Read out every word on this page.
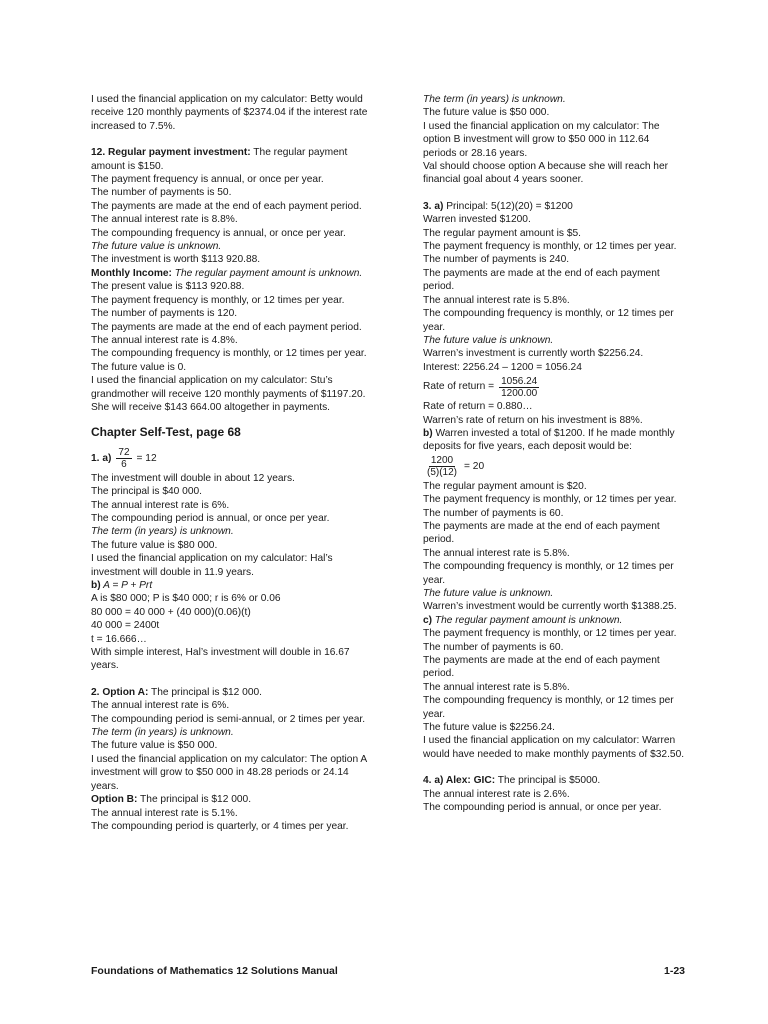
I used the financial application on my calculator: Betty would receive 120 monthly payments of $2374.04 if the interest rate increased to 7.5%.

12. Regular payment investment: The regular payment amount is $150.

The payment frequency is annual, or once per year.

The number of payments is 50.

The payments are made at the end of each payment period.

The annual interest rate is 8.8%.

The compounding frequency is annual, or once per year.

The future value is unknown.

The investment is worth $113 920.88.

Monthly Income: The regular payment amount is unknown.

The present value is $113 920.88.

The payment frequency is monthly, or 12 times per year.

The number of payments is 120.

The payments are made at the end of each payment period.

The annual interest rate is 4.8%.

The compounding frequency is monthly, or 12 times per year.

The future value is 0.

I used the financial application on my calculator: Stu’s grandmother will receive 120 monthly payments of $1197.20. She will receive $143 664.00 altogether in payments.

Chapter Self-Test, page 68
1. $a) \frac{72}{6} = 12$

The investment will double in about 12 years.

The principal is $40 000.

The annual interest rate is 6%.

The compounding period is annual, or once per year.

The term (in years) is unknown.

The future value is $80 000.

I used the financial application on my calculator: Hal’s investment will double in 11.9 years.

b) A = P + Prt

A is $80 000; P is $40 000; r is 6% or 0.06

80 000 = 40 000 + (40 000)(0.06)(t)

40 000 = 2400t

t = 16.666…

With simple interest, Hal’s investment will double in 16.67 years.

2. Option A: The principal is $12 000.

The annual interest rate is 6%.

The compounding period is semi-annual, or 2 times per year.

The term (in years) is unknown.

The future value is $50 000.

I used the financial application on my calculator: The option A investment will grow to $50 000 in 48.28 periods or 24.14 years.

Option B: The principal is $12 000.

The annual interest rate is 5.1%.

The compounding period is quarterly, or 4 times per year.

The term (in years) is unknown.

The future value is $50 000.

I used the financial application on my calculator: The option B investment will grow to $50 000 in 112.64 periods or 28.16 years.

Val should choose option A because she will reach her financial goal about 4 years sooner.

3. a) Principal: 5(12)(20) = $1200

Warren invested $1200.

The regular payment amount is $5.

The payment frequency is monthly, or 12 times per year.

The number of payments is 240.

The payments are made at the end of each payment period.

The annual interest rate is 5.8%.

The compounding frequency is monthly, or 12 times per year.

The future value is unknown.

Warren’s investment is currently worth $2256.24.

Interest: 2256.24 – 1200 = 1056.24

Rate of return = $\frac{1056.24}{1200.00}$

Rate of return = 0.880…

Warren’s rate of return on his investment is 88%.

b) Warren invested a total of $1200. If he made monthly deposits for five years, each deposit would be:

$\frac{1200}{(5)(12)} = 20$

The regular payment amount is $20.

The payment frequency is monthly, or 12 times per year.

The number of payments is 60.

The payments are made at the end of each payment period.

The annual interest rate is 5.8%.

The compounding frequency is monthly, or 12 times per year.

The future value is unknown.

Warren’s investment would be currently worth $1388.25.

c) The regular payment amount is unknown.

The payment frequency is monthly, or 12 times per year.

The number of payments is 60.

The payments are made at the end of each payment period.

The annual interest rate is 5.8%.

The compounding frequency is monthly, or 12 times per year.

The future value is $2256.24.

I used the financial application on my calculator: Warren would have needed to make monthly payments of $32.50.

4. a) Alex: GIC: The principal is $5000.

The annual interest rate is 2.6%.

The compounding period is annual, or once per year.

Foundations of Mathematics 12 Solutions Manual	1-23
